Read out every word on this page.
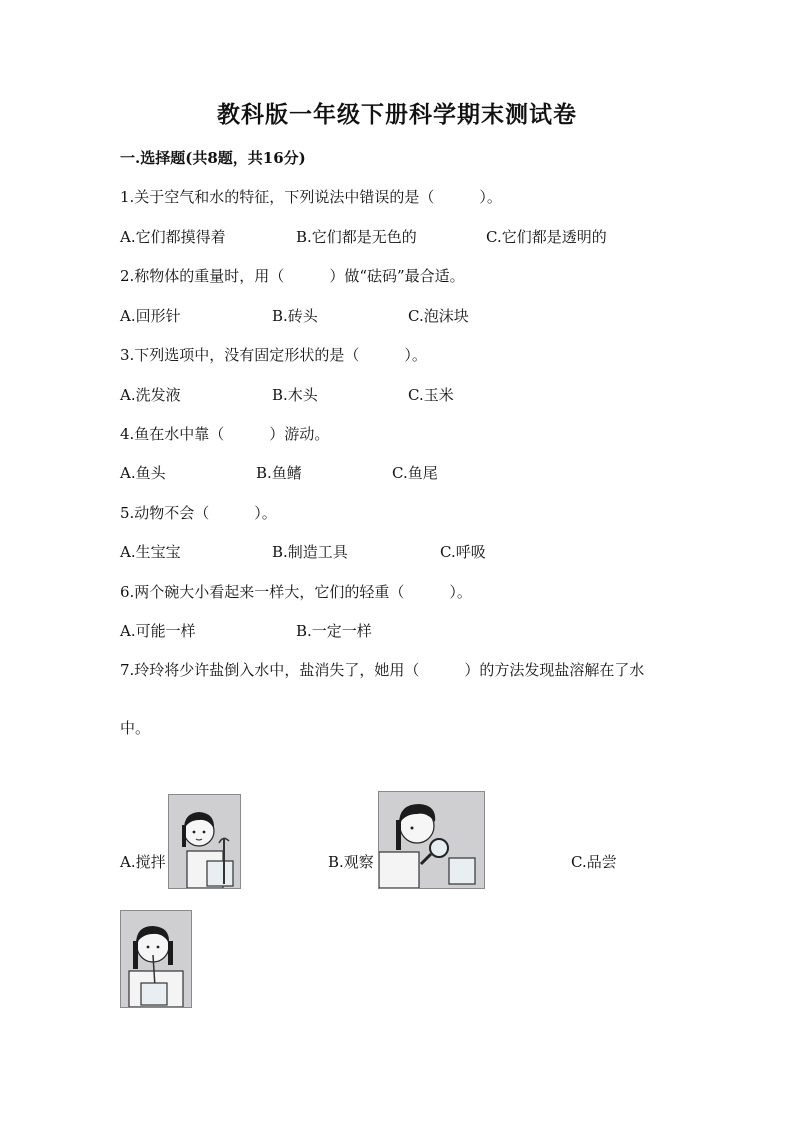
教科版一年级下册科学期末测试卷

一.选择题(共8题，共16分)

1.关于空气和水的特征，下列说法中错误的是（　　　）。

A.它们都摸得着	B.它们都是无色的	C.它们都是透明的

2.称物体的重量时，用（　　　）做“砝码”最合适。

A.回形针	B.砖头	C.泡沫块

3.下列选项中，没有固定形状的是（　　　）。

A.洗发液	B.木头	C.玉米

4.鱼在水中靠（　　　）游动。

A.鱼头	B.鱼鳍	C.鱼尾

5.动物不会（　　　）。

A.生宝宝	B.制造工具	C.呼吸

6.两个碗大小看起来一样大，它们的轻重（　　　）。

A.可能一样	B.一定一样

7.玲玲将少许盐倒入水中，盐消失了，她用（　　　）的方法发现盐溶解在了水

中。

A.搅拌	B.观察	C.品尝
